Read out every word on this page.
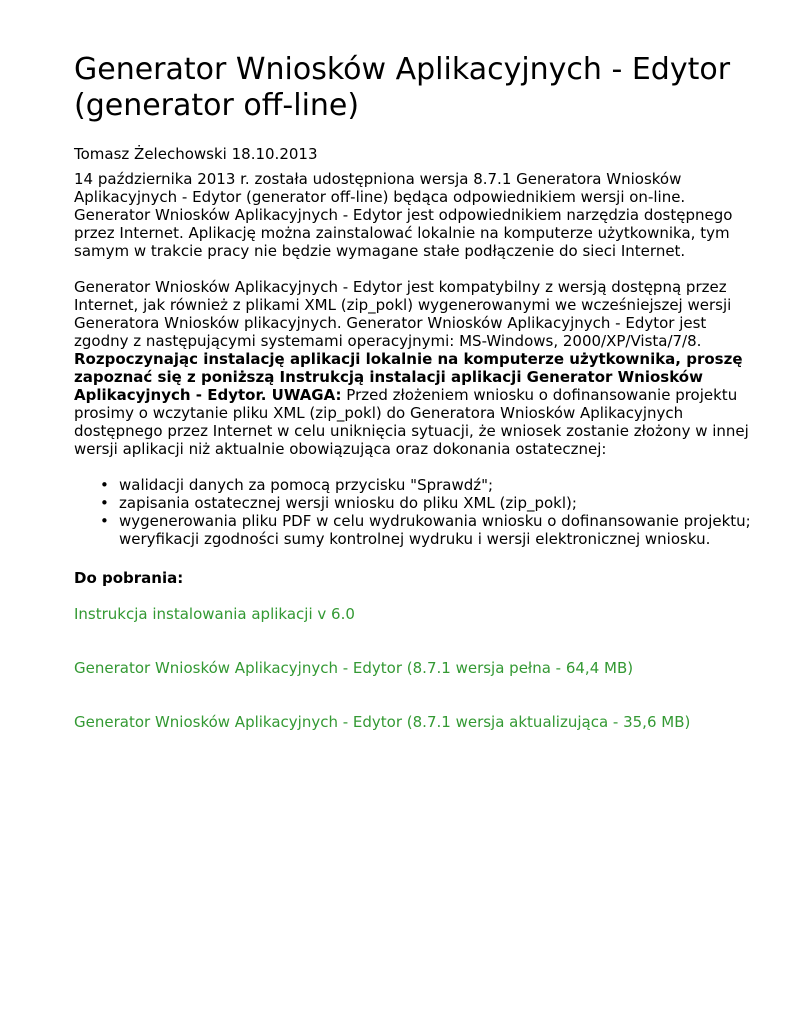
Generator Wniosków Aplikacyjnych - Edytor (generator off-line)
Tomasz Żelechowski 18.10.2013

14 października 2013 r. została udostępniona wersja 8.7.1 Generatora Wniosków Aplikacyjnych - Edytor (generator off-line) będąca odpowiednikiem wersji on-line. Generator Wniosków Aplikacyjnych - Edytor jest odpowiednikiem narzędzia dostępnego przez Internet. Aplikację można zainstalować lokalnie na komputerze użytkownika, tym samym w trakcie pracy nie będzie wymagane stałe podłączenie do sieci Internet.

Generator Wniosków Aplikacyjnych - Edytor jest kompatybilny z wersją dostępną przez Internet, jak również z plikami XML (zip_pokl) wygenerowanymi we wcześniejszej wersji Generatora Wniosków plikacyjnych. Generator Wniosków Aplikacyjnych - Edytor jest zgodny z następującymi systemami operacyjnymi: MS-Windows, 2000/XP/Vista/7/8. Rozpoczynając instalację aplikacji lokalnie na komputerze użytkownika, proszę zapoznać się z poniższą Instrukcją instalacji aplikacji Generator Wniosków Aplikacyjnych - Edytor. UWAGA: Przed złożeniem wniosku o dofinansowanie projektu prosimy o wczytanie pliku XML (zip_pokl) do Generatora Wniosków Aplikacyjnych dostępnego przez Internet w celu uniknięcia sytuacji, że wniosek zostanie złożony w innej wersji aplikacji niż aktualnie obowiązująca oraz dokonania ostatecznej:

• walidacji danych za pomocą przycisku "Sprawdź";
• zapisania ostatecznej wersji wniosku do pliku XML (zip_pokl);
• wygenerowania pliku PDF w celu wydrukowania wniosku o dofinansowanie projektu;
weryfikacji zgodności sumy kontrolnej wydruku i wersji elektronicznej wniosku.
Do pobrania:
Instrukcja instalowania aplikacji v 6.0
Generator Wniosków Aplikacyjnych - Edytor (8.7.1 wersja pełna - 64,4 MB)
Generator Wniosków Aplikacyjnych - Edytor (8.7.1 wersja aktualizująca - 35,6 MB)
